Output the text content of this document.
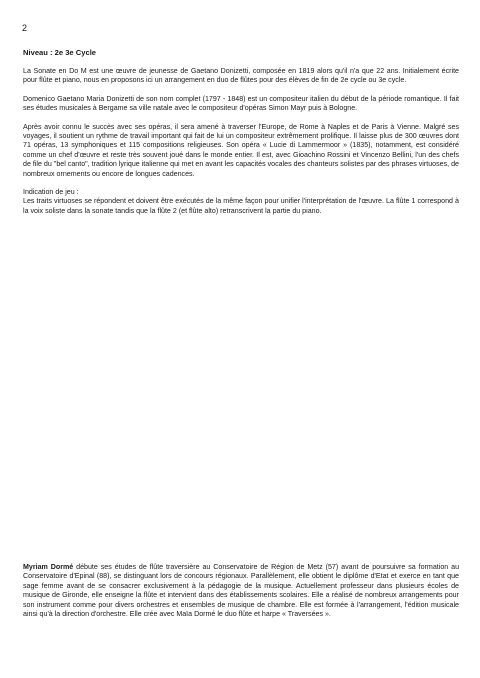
2
Niveau : 2e 3e Cycle

La Sonate en Do M est une œuvre de jeunesse de Gaetano Donizetti, composée en 1819 alors qu'il n'a que 22 ans. Initialement écrite pour flûte et piano, nous en proposons ici un arrangement en duo de flûtes pour des élèves de fin de 2e cycle ou 3e cycle.

Domenico Gaetano Maria Donizetti de son nom complet (1797 - 1848) est un compositeur italien du début de la période romantique. Il fait ses études musicales à Bergame sa ville natale avec le compositeur d'opéras Simon Mayr puis à Bologne.

Après avoir connu le succès avec ses opéras, il sera amené à traverser l'Europe, de Rome à Naples et de Paris à Vienne. Malgré ses voyages, il soutient un rythme de travail important qui fait de lui un compositeur extrêmement prolifique. Il laisse plus de 300 œuvres dont 71 opéras, 13 symphoniques et 115 compositions religieuses. Son opéra « Lucie di Lammermoor » (1835), notamment, est considéré comme un chef d'œuvre et reste très souvent joué dans le monde entier. Il est, avec Gioachino Rossini et Vincenzo Bellini, l'un des chefs de file du "bel canto", tradition lyrique italienne qui met en avant les capacités vocales des chanteurs solistes par des phrases virtuoses, de nombreux ornements ou encore de longues cadences.

Indication de jeu :

Les traits virtuoses se répondent et doivent être exécutés de la même façon pour unifier l'interprétation de l'œuvre. La flûte 1 correspond à la voix soliste dans la sonate tandis que la flûte 2 (et flûte alto) retranscrivent la partie du piano.

Myriam Dormé débute ses études de flûte traversière au Conservatoire de Région de Metz (57) avant de poursuivre sa formation au Conservatoire d'Epinal (88), se distinguant lors de concours régionaux. Parallèlement, elle obtient le diplôme d'Etat et exerce en tant que sage femme avant de se consacrer exclusivement à la pédagogie de la musique. Actuellement professeur dans plusieurs écoles de musique de Gironde, elle enseigne la flûte et intervient dans des établissements scolaires. Elle a réalisé de nombreux arrangements pour son instrument comme pour divers orchestres et ensembles de musique de chambre. Elle est formée à l'arrangement, l'édition musicale ainsi qu'à la direction d'orchestre. Elle crée avec Maïa Dormé le duo flûte et harpe « Traversées ».
